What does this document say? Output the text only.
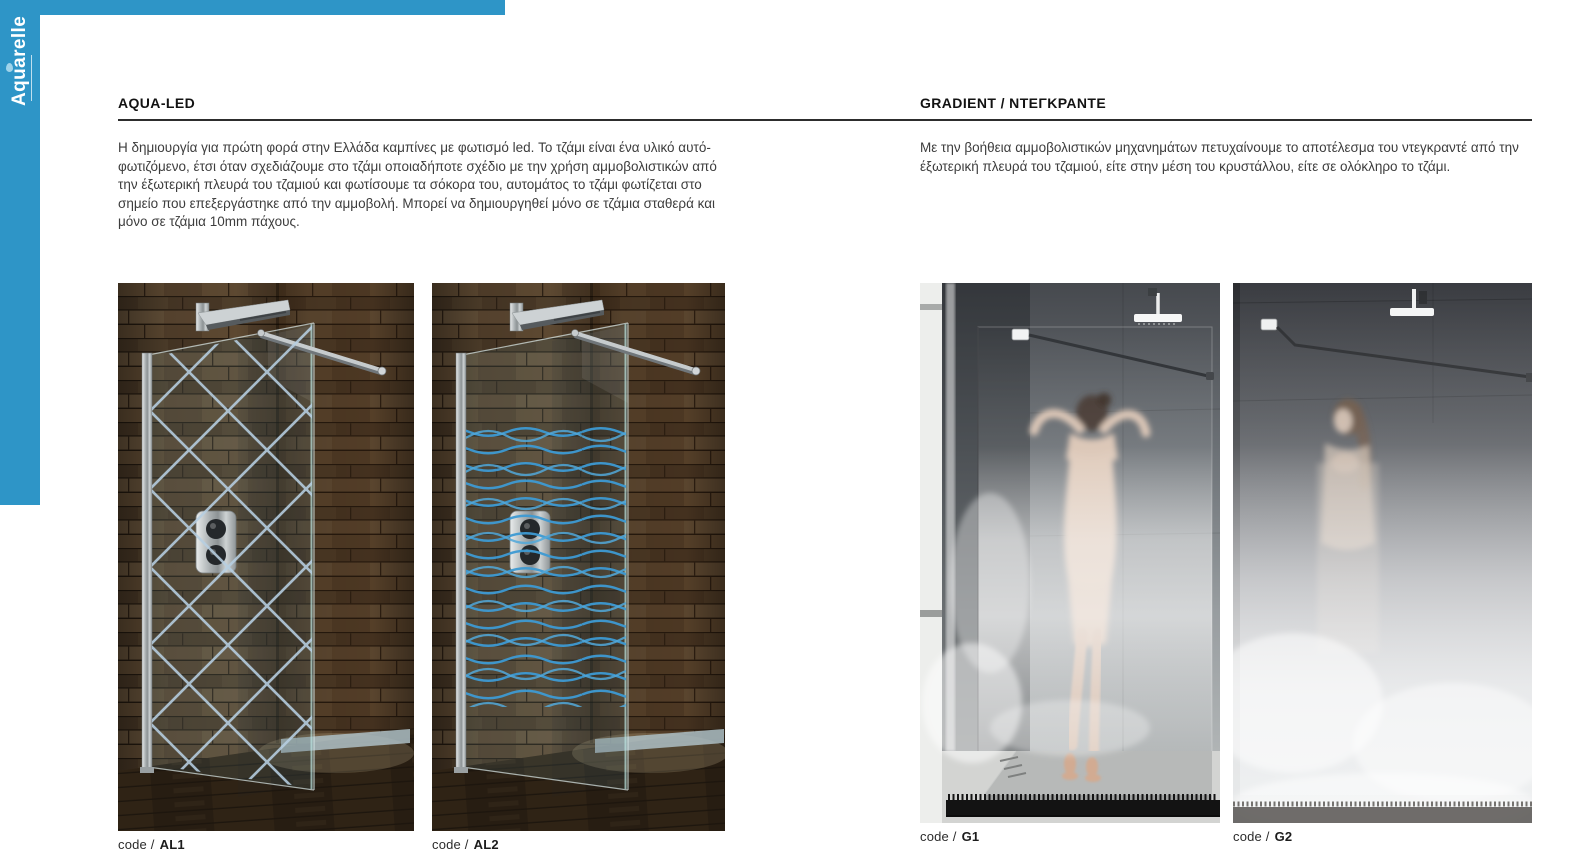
Aquarelle	AQUA-LED	GRADIENT / ΝΤΕΓΚΡΑΝΤΕ

Η δημιουργία για πρώτη φορά στην Ελλάδα καμπίνες με φωτισμό led. Το τζάμι είναι ένα υλικό αυτό-φωτιζόμενο, έτσι όταν σχεδιάζουμε στο τζάμι οποιαδήποτε σχέδιο με την χρήση αμμοβολιστικών από την έξωτερική πλευρά του τζαμιού και φωτίσουμε τα σόκορα του, αυτομάτος το τζάμι φωτίζεται στο σημείο που επεξεργάστηκε από την αμμοβολή. Μπορεί να δημιουργηθεί μόνο σε τζάμια σταθερά και μόνο σε τζάμια 10mm πάχους.

Με την βοήθεια αμμοβολιστικών μηχανημάτων πετυχαίνουμε το αποτέλεσμα του ντεγκραντέ από την έξωτερική πλευρά του τζαμιού, είτε στην μέση του κρυστάλλου, είτε σε ολόκληρο το τζάμι.

code / AL1	code / AL2
code / G1	code / G2
